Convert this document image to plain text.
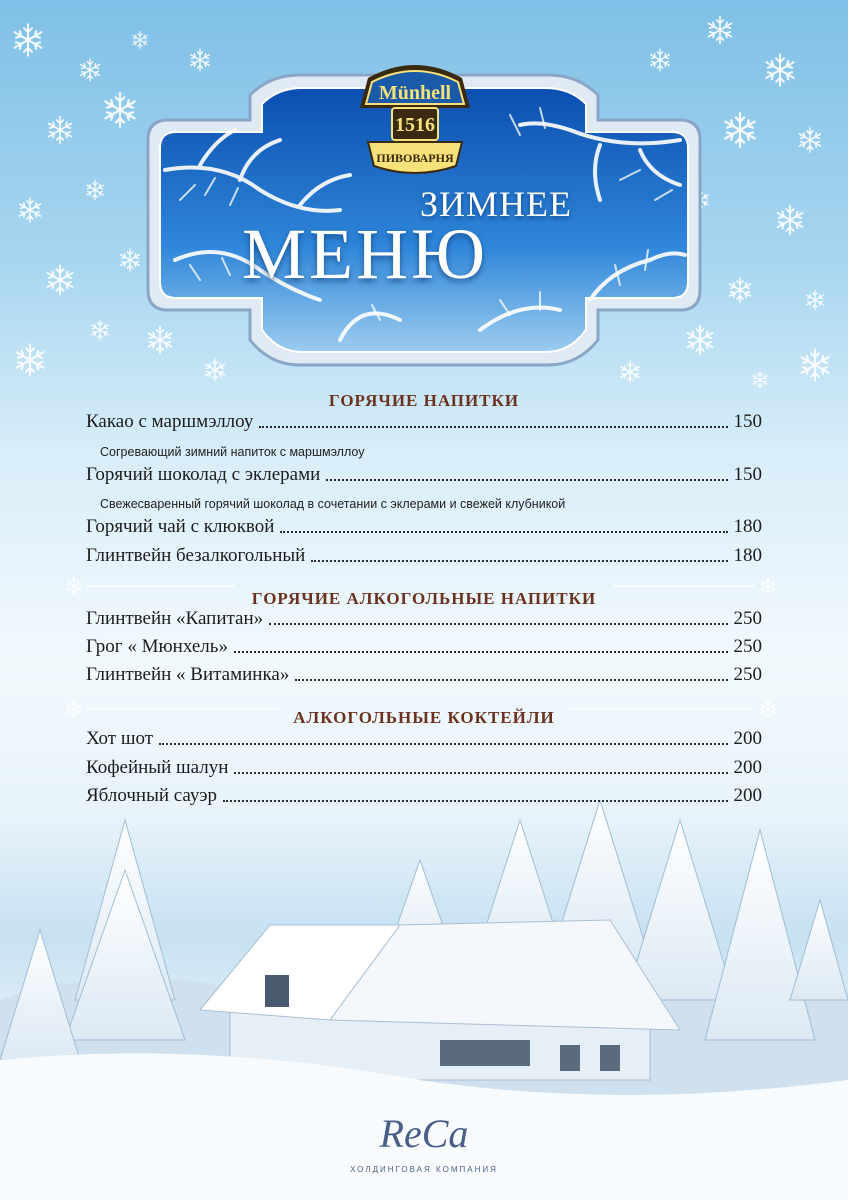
Münhell
1516
ПИВОВАРНЯ
ЗИМНЕЕ
МЕНЮ
ГОРЯЧИЕ НАПИТКИ
Какао с маршмэллоу	150
Согревающий зимний напиток с маршмэллоу
Горячий шоколад с эклерами	150
Свежесваренный горячий шоколад в сочетании с эклерами и свежей клубникой
Горячий чай с клюквой	180
Глинтвейн безалкогольный	180
ГОРЯЧИЕ АЛКОГОЛЬНЫЕ НАПИТКИ
Глинтвейн «Капитан»	250
Грог « Мюнхель»	250
Глинтвейн « Витаминка»	250
АЛКОГОЛЬНЫЕ КОКТЕЙЛИ
Хот шот	200
Кофейный шалун	200
Яблочный сауэр	200
ReCa
ХОЛДИНГОВАЯ КОМПАНИЯ
